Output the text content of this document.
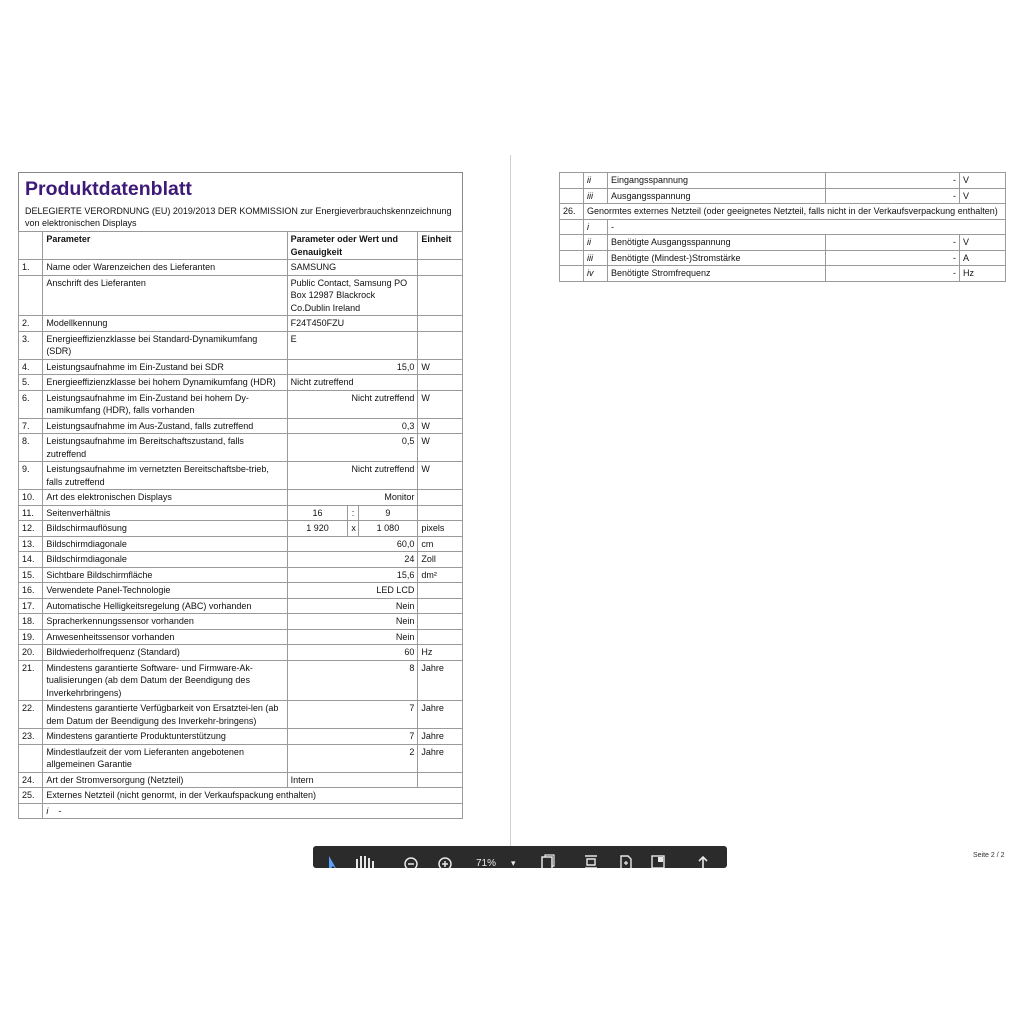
Produktdatenblatt
DELEGIERTE VERORDNUNG (EU) 2019/2013 DER KOMMISSION zur Energieverbrauchskennzeichnung von elektronischen Displays
	Parameter	Parameter oder Wert und Genauigkeit			Einheit
1.	Name oder Warenzeichen des Lieferanten	SAMSUNG			
	Anschrift des Lieferanten	Public Contact, Samsung PO Box 12987 Blackrock Co.Dublin Ireland			
2.	Modellkennung	F24T450FZU			
3.	Energieeffizienzklasse bei Standard-Dynamikumfang (SDR)	E			
4.	Leistungsaufnahme im Ein-Zustand bei SDR	15,0			W
5.	Energieeffizienzklasse bei hohem Dynamikumfang (HDR)	Nicht zutreffend			
6.	Leistungsaufnahme im Ein-Zustand bei hohem Dy-namikumfang (HDR), falls vorhanden	Nicht zutreffend			W
7.	Leistungsaufnahme im Aus-Zustand, falls zutreffend	0,3			W
8.	Leistungsaufnahme im Bereitschaftszustand, falls zutreffend	0,5			W
9.	Leistungsaufnahme im vernetzten Bereitschaftsbe-trieb, falls zutreffend	Nicht zutreffend			W
10.	Art des elektronischen Displays	Monitor			
11.	Seitenverhältnis	16	:	9	
12.	Bildschirmauflösung	1 920	x	1 080	pixels
13.	Bildschirmdiagonale	60,0			cm
14.	Bildschirmdiagonale	24			Zoll
15.	Sichtbare Bildschirmfläche	15,6			dm²
16.	Verwendete Panel-Technologie	LED LCD			
17.	Automatische Helligkeitsregelung (ABC) vorhanden	Nein			
18.	Spracherkennungssensor vorhanden	Nein			
19.	Anwesenheitssensor vorhanden	Nein			
20.	Bildwiederholfrequenz (Standard)	60			Hz
21.	Mindestens garantierte Software- und Firmware-Ak-tualisierungen (ab dem Datum der Beendigung des Inverkehrbringens)	8			Jahre
22.	Mindestens garantierte Verfügbarkeit von Ersatztei-len (ab dem Datum der Beendigung des Inverkehr-bringens)	7			Jahre
23.	Mindestens garantierte Produktunterstützung	7			Jahre
	Mindestlaufzeit der vom Lieferanten angebotenen allgemeinen Garantie	2			Jahre
24.	Art der Stromversorgung (Netzteil)	Intern			
25.	Externes Netzteil (nicht genormt, in der Verkaufspackung enthalten)				
	i -				
	ii	Eingangsspannung	-	V
	iii	Ausgangsspannung	-	V
26.	Genormtes externes Netzteil (oder geeignetes Netzteil, falls nicht in der Verkaufsverpackung enthalten)			
	i	-		
	ii	Benötigte Ausgangsspannung	-	V
	iii	Benötigte (Mindest-)Stromstärke	-	A
	iv	Benötigte Stromfrequenz	-	Hz
71% ▾
Seite 2 / 2
